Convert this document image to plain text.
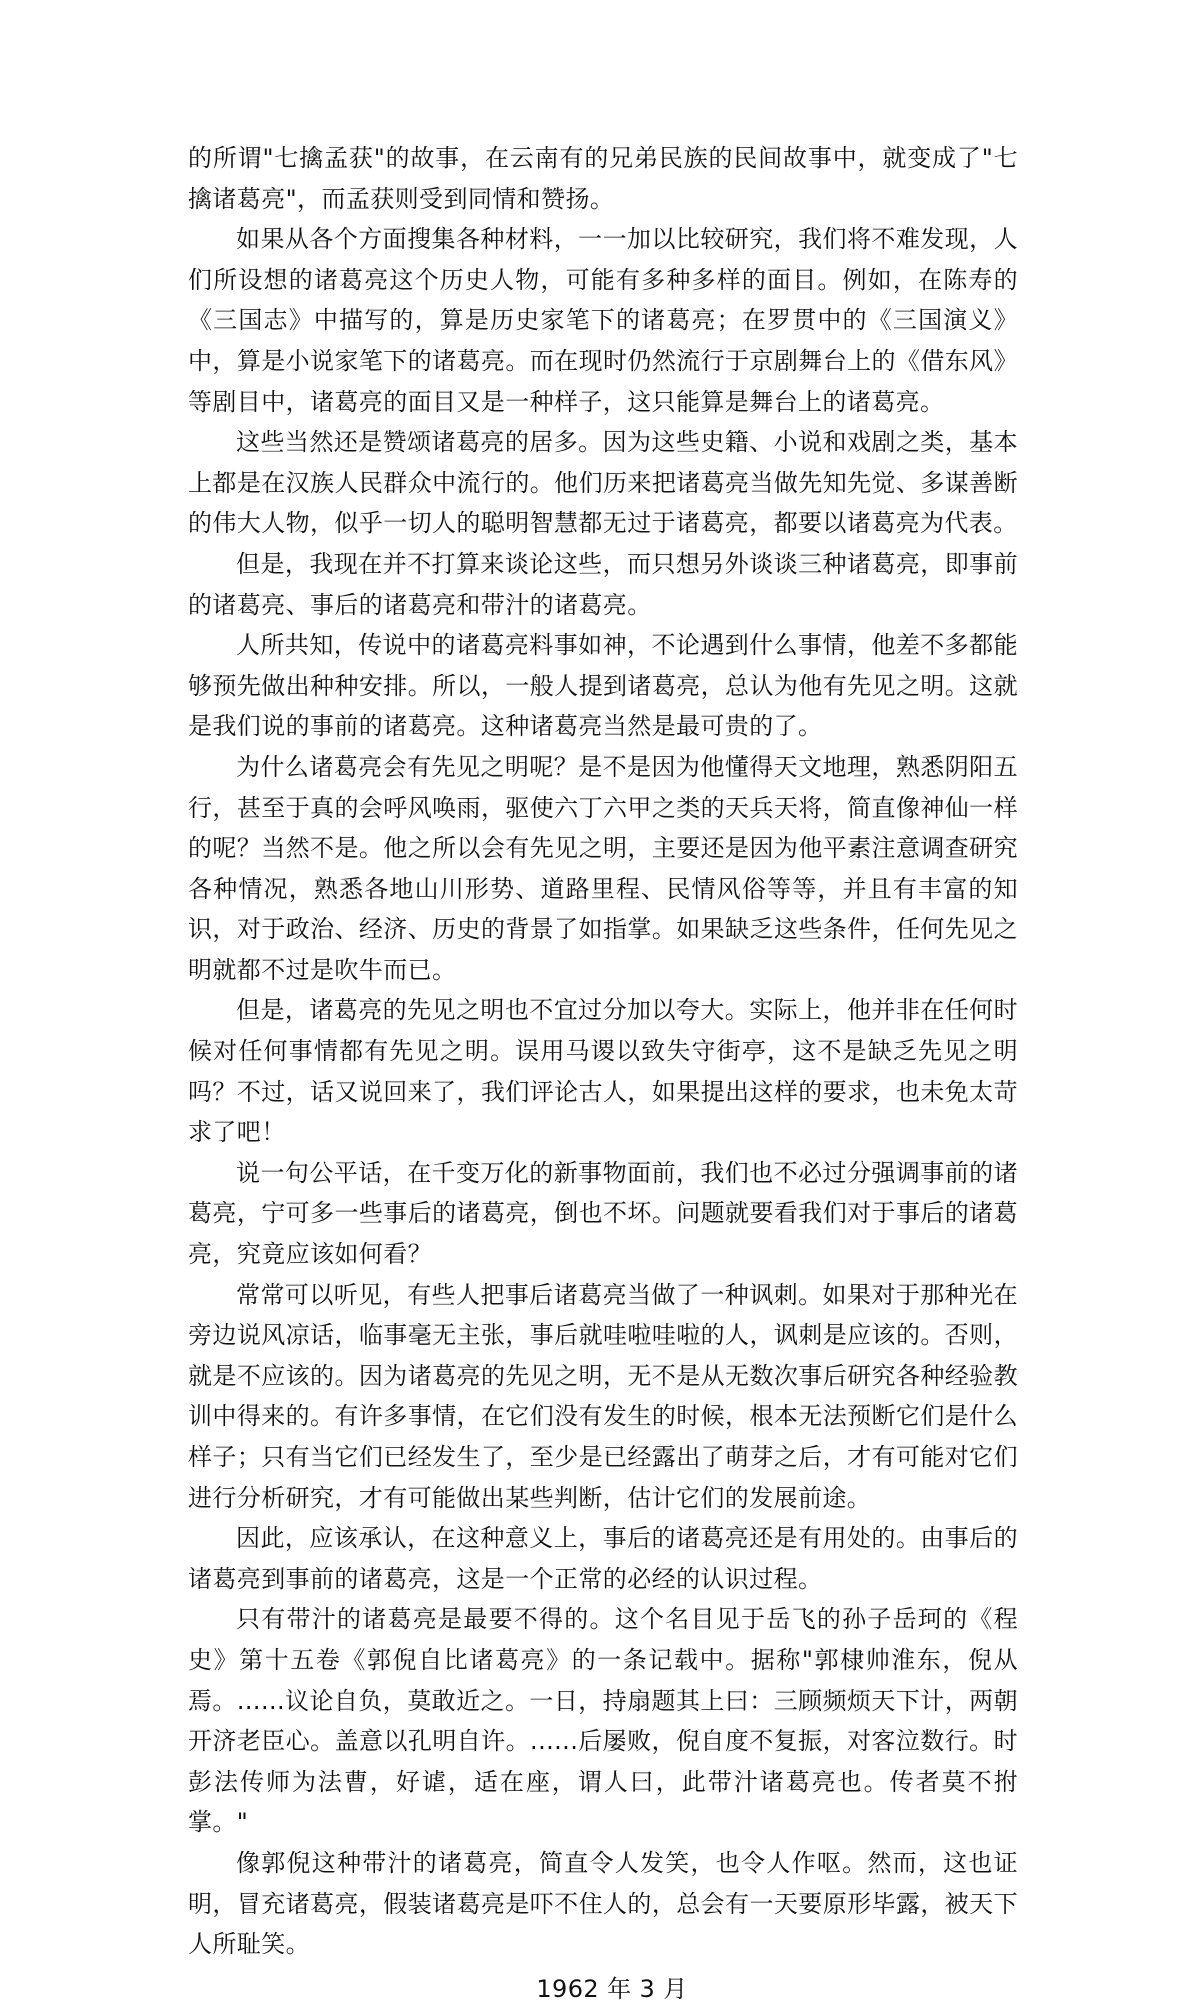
的所谓"七擒孟获"的故事，在云南有的兄弟民族的民间故事中，就变成了"七擒诸葛亮"，而孟获则受到同情和赞扬。

如果从各个方面搜集各种材料，一一加以比较研究，我们将不难发现，人们所设想的诸葛亮这个历史人物，可能有多种多样的面目。例如，在陈寿的《三国志》中描写的，算是历史家笔下的诸葛亮；在罗贯中的《三国演义》中，算是小说家笔下的诸葛亮。而在现时仍然流行于京剧舞台上的《借东风》等剧目中，诸葛亮的面目又是一种样子，这只能算是舞台上的诸葛亮。

这些当然还是赞颂诸葛亮的居多。因为这些史籍、小说和戏剧之类，基本上都是在汉族人民群众中流行的。他们历来把诸葛亮当做先知先觉、多谋善断的伟大人物，似乎一切人的聪明智慧都无过于诸葛亮，都要以诸葛亮为代表。

但是，我现在并不打算来谈论这些，而只想另外谈谈三种诸葛亮，即事前的诸葛亮、事后的诸葛亮和带汁的诸葛亮。

人所共知，传说中的诸葛亮料事如神，不论遇到什么事情，他差不多都能够预先做出种种安排。所以，一般人提到诸葛亮，总认为他有先见之明。这就是我们说的事前的诸葛亮。这种诸葛亮当然是最可贵的了。

为什么诸葛亮会有先见之明呢？是不是因为他懂得天文地理，熟悉阴阳五行，甚至于真的会呼风唤雨，驱使六丁六甲之类的天兵天将，简直像神仙一样的呢？当然不是。他之所以会有先见之明，主要还是因为他平素注意调查研究各种情况，熟悉各地山川形势、道路里程、民情风俗等等，并且有丰富的知识，对于政治、经济、历史的背景了如指掌。如果缺乏这些条件，任何先见之明就都不过是吹牛而已。

但是，诸葛亮的先见之明也不宜过分加以夸大。实际上，他并非在任何时候对任何事情都有先见之明。误用马谡以致失守街亭，这不是缺乏先见之明吗？不过，话又说回来了，我们评论古人，如果提出这样的要求，也未免太苛求了吧！

说一句公平话，在千变万化的新事物面前，我们也不必过分强调事前的诸葛亮，宁可多一些事后的诸葛亮，倒也不坏。问题就要看我们对于事后的诸葛亮，究竟应该如何看？

常常可以听见，有些人把事后诸葛亮当做了一种讽刺。如果对于那种光在旁边说风凉话，临事毫无主张，事后就哇啦哇啦的人，讽刺是应该的。否则，就是不应该的。因为诸葛亮的先见之明，无不是从无数次事后研究各种经验教训中得来的。有许多事情，在它们没有发生的时候，根本无法预断它们是什么样子；只有当它们已经发生了，至少是已经露出了萌芽之后，才有可能对它们进行分析研究，才有可能做出某些判断，估计它们的发展前途。

因此，应该承认，在这种意义上，事后的诸葛亮还是有用处的。由事后的诸葛亮到事前的诸葛亮，这是一个正常的必经的认识过程。

只有带汁的诸葛亮是最要不得的。这个名目见于岳飞的孙子岳珂的《程史》第十五卷《郭倪自比诸葛亮》的一条记载中。据称"郭棣帅淮东，倪从焉。......议论自负，莫敢近之。一日，持扇题其上曰：三顾频烦天下计，两朝开济老臣心。盖意以孔明自许。......后屡败，倪自度不复振，对客泣数行。时彭法传师为法曹，好谑，适在座，谓人曰，此带汁诸葛亮也。传者莫不拊掌。"

像郭倪这种带汁的诸葛亮，简直令人发笑，也令人作呕。然而，这也证明，冒充诸葛亮，假装诸葛亮是吓不住人的，总会有一天要原形毕露，被天下人所耻笑。

1962 年 3 月
